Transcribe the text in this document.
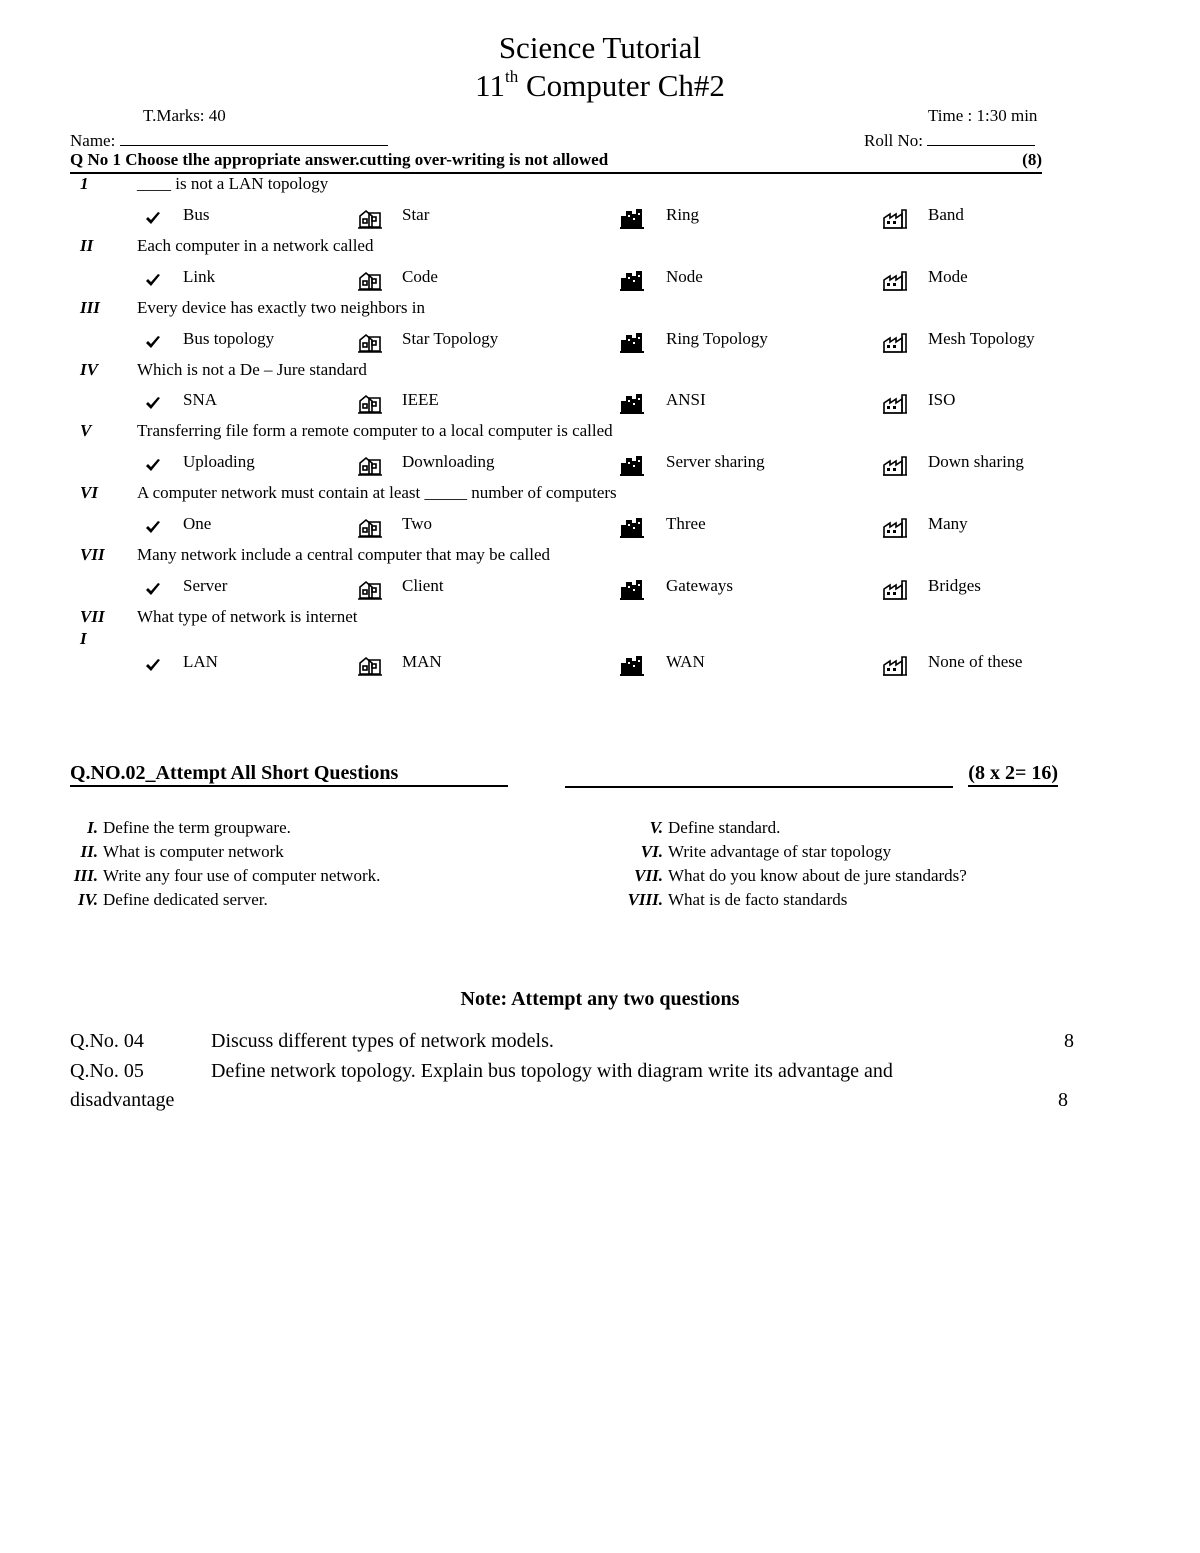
Science Tutorial
11th Computer Ch#2
T.Marks: 40	Time : 1:30 min
Name:	Roll No:
Q No 1 Choose tlhe appropriate answer.cutting over-writing is not allowed	(8)
1	____ is not a LAN topology
Bus	Star	Ring	Band
II	Each computer in a network called
Link	Code	Node	Mode
III Every device has exactly two neighbors in
Bus topology	Star Topology	Ring Topology	Mesh Topology
IV Which is not a De – Jure standard
SNA	IEEE	ANSI	ISO
V	Transferring file form a remote computer to a local computer is called
Uploading	Downloading	Server sharing	Down sharing
VI A computer network must contain at least _____ number of computers
One	Two	Three	Many
VII Many network include a central computer that may be called
Server	Client	Gateways	Bridges
VII
I
What type of network is internet
LAN	MAN	WAN	None of these
Q.NO.02_Attempt All Short Questions	(8 x 2= 16)
I. Define the term groupware.
II. What is computer network
III. Write any four use of computer network.
IV. Define dedicated server.
V. Define standard.
VI. Write advantage of star topology
VII. What do you know about de jure standards?
VIII. What is de facto standards
Note: Attempt any two questions
Q.No. 04	Discuss different types of network models.	8
Q.No. 05	Define network topology. Explain bus topology with diagram write its advantage and
disadvantage	8
